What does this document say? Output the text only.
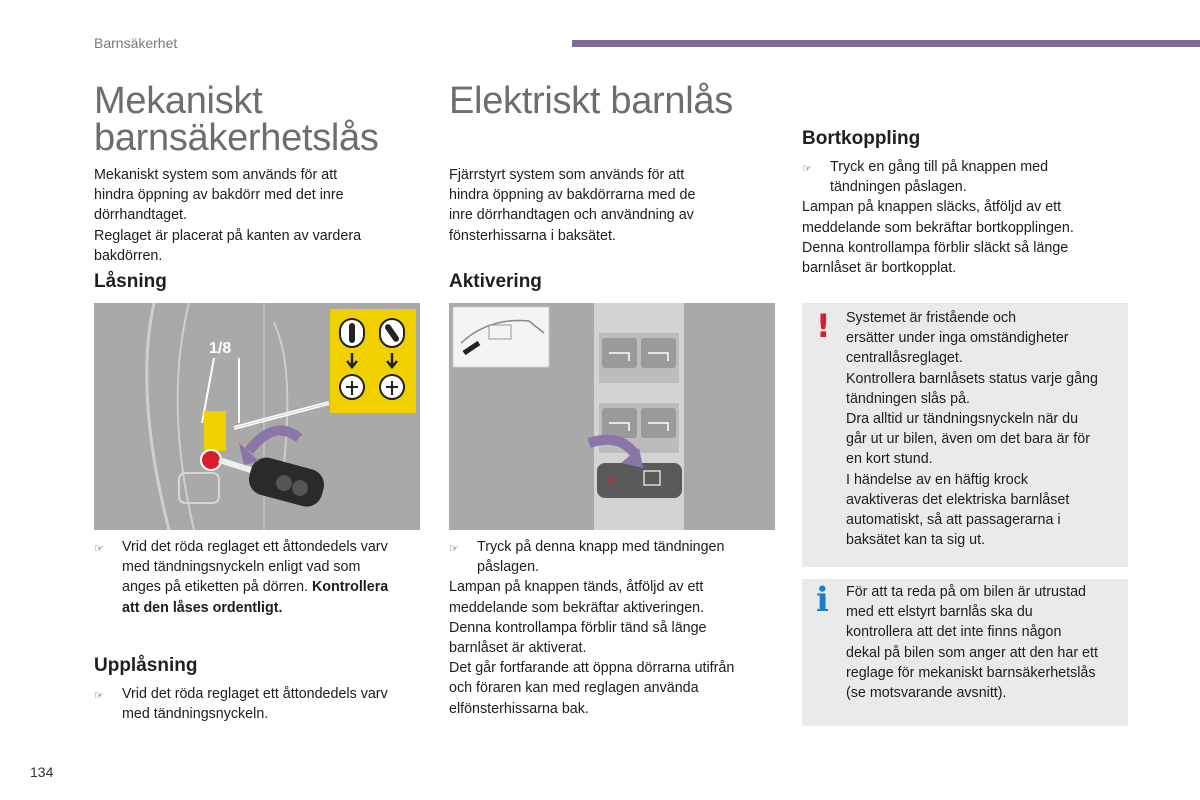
Barnsäkerhet
Mekaniskt
barnsäkerhetslås

Mekaniskt system som används för att

hindra öppning av bakdörr med det inre

dörrhandtaget.

Reglaget är placerat på kanten av vardera

bakdörren.

Låsning
1/8
☞	Vrid det röda reglaget ett åttondedels varv
med tändningsnyckeln enligt vad som
anges på etiketten på dörren. Kontrollera
att den låses ordentligt.
Upplåsning
☞	Vrid det röda reglaget ett åttondedels varv
med tändningsnyckeln.
Elektriskt barnlås

Fjärrstyrt system som används för att

hindra öppning av bakdörrarna med de

inre dörrhandtagen och användning av

fönsterhissarna i baksätet.

Aktivering
☞	Tryck på denna knapp med tändningen
påslagen.

Lampan på knappen tänds, åtföljd av ett

meddelande som bekräftar aktiveringen.

Denna kontrollampa förblir tänd så länge

barnlåset är aktiverat.

Det går fortfarande att öppna dörrarna utifrån

och föraren kan med reglagen använda

elfönsterhissarna bak.

Bortkoppling
☞	Tryck en gång till på knappen med
tändningen påslagen.

Lampan på knappen släcks, åtföljd av ett

meddelande som bekräftar bortkopplingen.

Denna kontrollampa förblir släckt så länge

barnlåset är bortkopplat.

! Systemet är fristående och

ersätter under inga omständigheter

centrallåsreglaget.

Kontrollera barnlåsets status varje gång

tändningen slås på.

Dra alltid ur tändningsnyckeln när du

går ut ur bilen, även om det bara är för

en kort stund.

I händelse av en häftig krock

avaktiveras det elektriska barnlåset

automatiskt, så att passagerarna i

baksätet kan ta sig ut.

i För att ta reda på om bilen är utrustad

med ett elstyrt barnlås ska du

kontrollera att det inte finns någon

dekal på bilen som anger att den har ett

reglage för mekaniskt barnsäkerhetslås

(se motsvarande avsnitt).

134
